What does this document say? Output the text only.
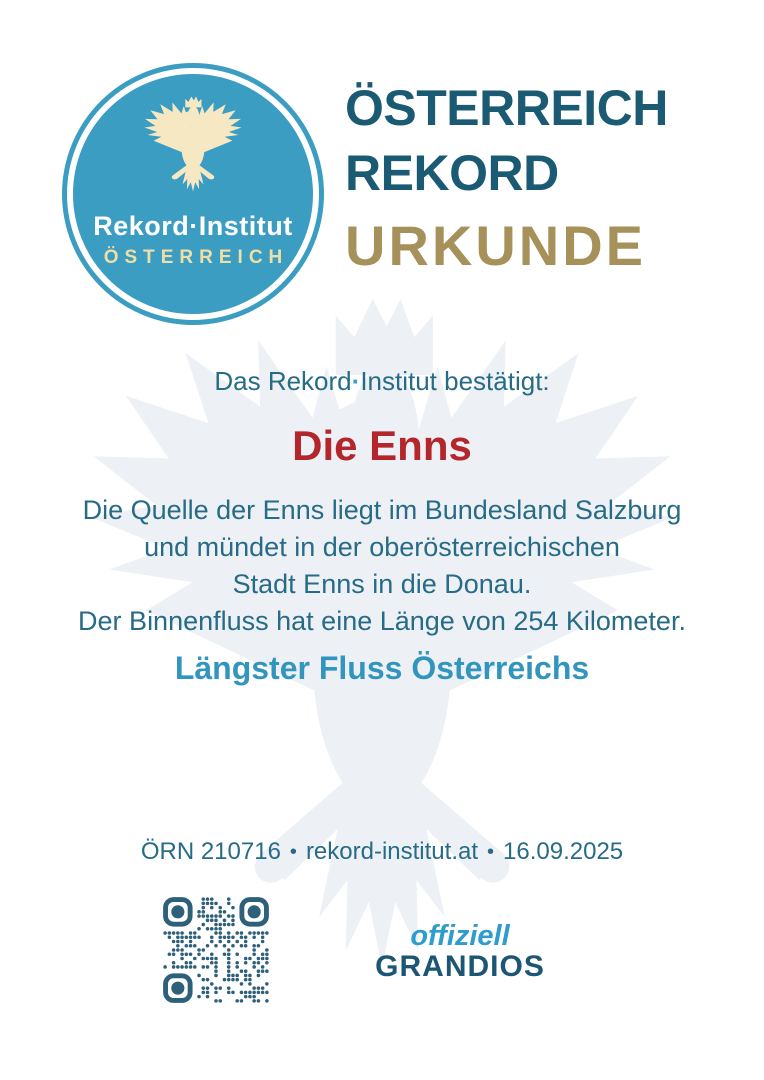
Rekord·Institut
ÖSTERREICH
ÖSTERREICH
REKORD
URKUNDE
Das Rekord·Institut bestätigt:
Die Enns
Die Quelle der Enns liegt im Bundesland Salzburg
und mündet in der oberösterreichischen
Stadt Enns in die Donau.
Der Binnenfluss hat eine Länge von 254 Kilometer.
Längster Fluss Österreichs
ÖRN 210716 • rekord-institut.at • 16.09.2025
offiziell
GRANDIOS
